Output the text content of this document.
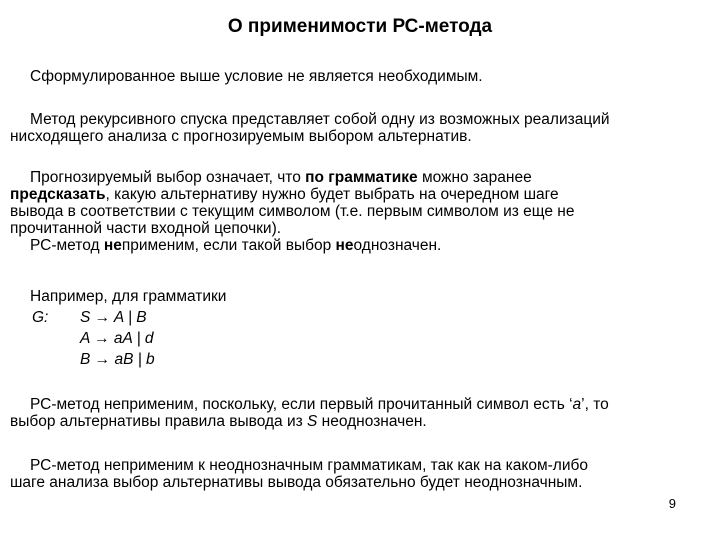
О применимости РС-метода
Сформулированное выше условие не является необходимым.
Метод рекурсивного спуска представляет собой одну из возможных реализаций
нисходящего анализа с прогнозируемым выбором альтернатив.
Прогнозируемый выбор означает, что по грамматике можно заранее
предсказать, какую альтернативу нужно будет выбрать на очередном шаге
вывода в соответствии с текущим символом (т.е. первым символом из еще не
прочитанной части входной цепочки).
РС-метод неприменим, если такой выбор неоднозначен.
Например, для грамматики
G: S → A | B
A → aA | d
B → aB | b
РС-метод неприменим, поскольку, если первый прочитанный символ есть ‘a’, то
выбор альтернативы правила вывода из S неоднозначен.
РС-метод неприменим к неоднозначным грамматикам, так как на каком-либо
шаге анализа выбор альтернативы вывода обязательно будет неоднозначным.
9
